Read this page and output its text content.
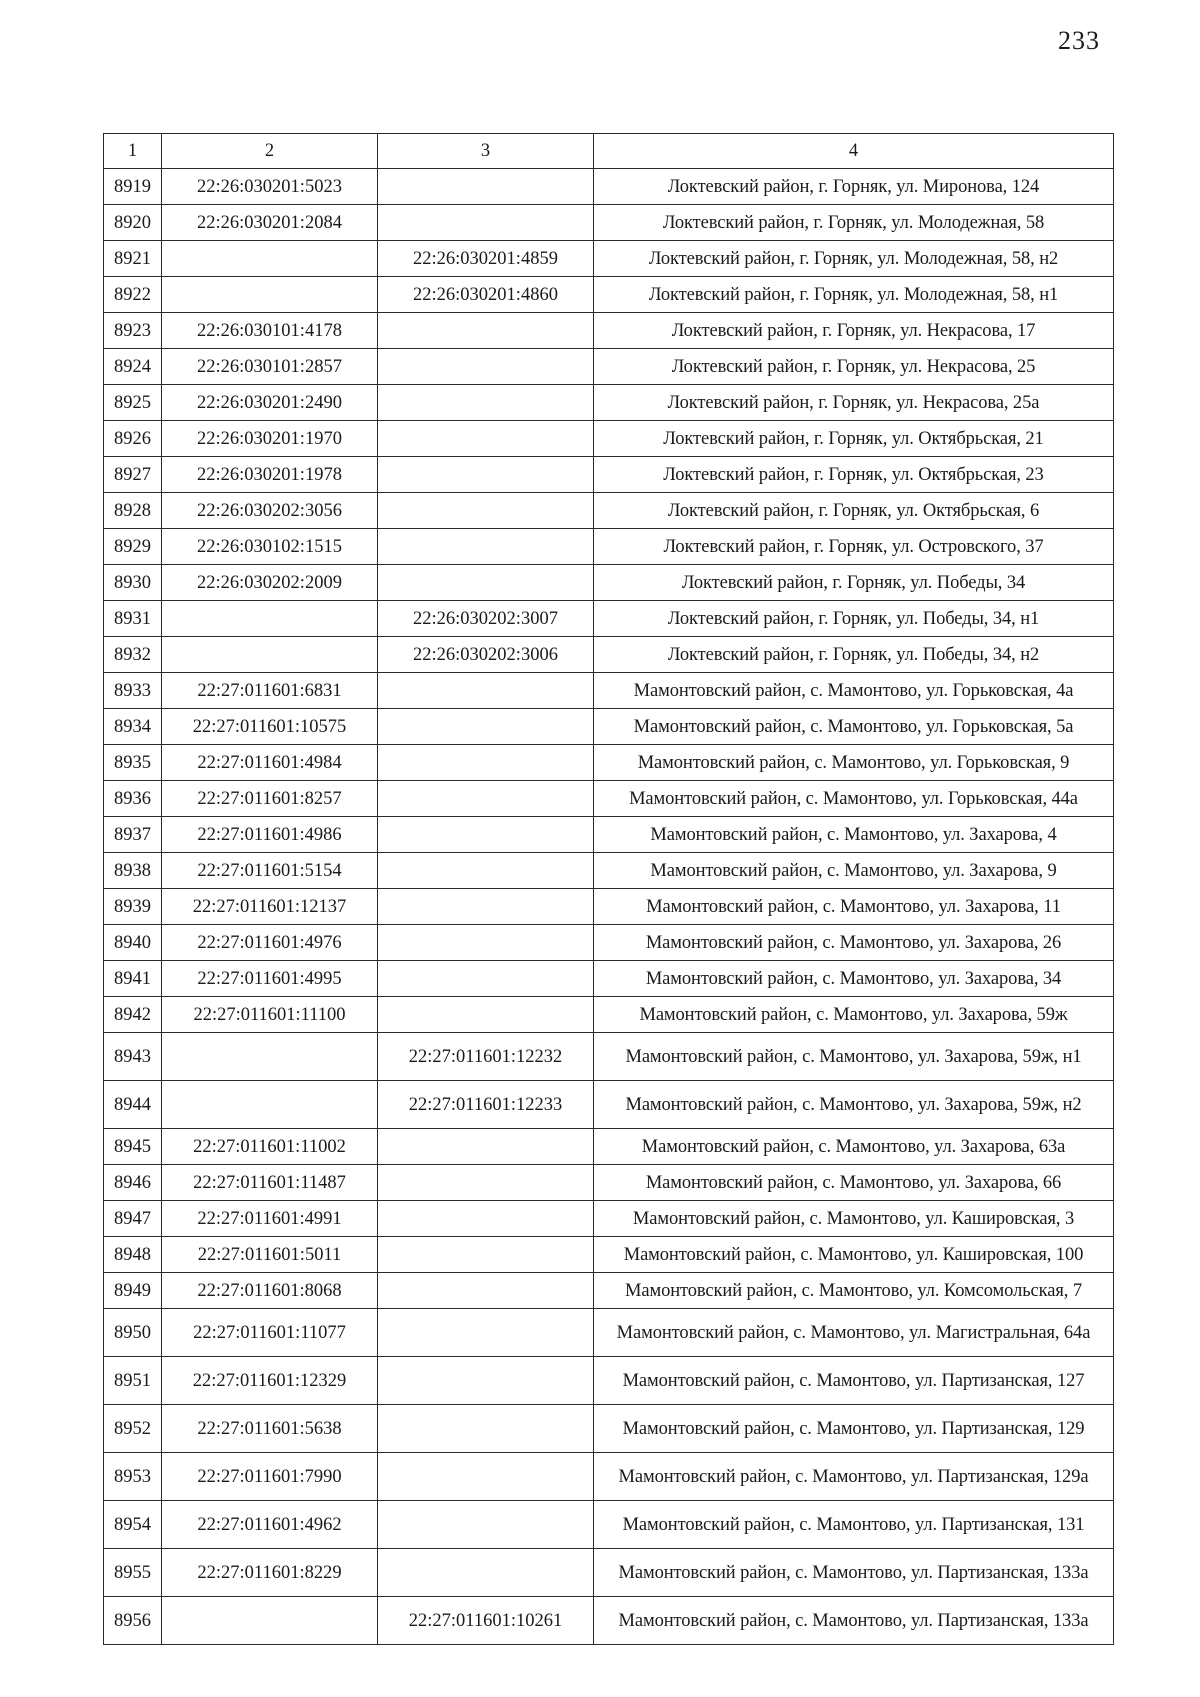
233
1	2	3	4
8919	22:26:030201:5023		Локтевский район, г. Горняк, ул. Миронова, 124
8920	22:26:030201:2084		Локтевский район, г. Горняк, ул. Молодежная, 58
8921		22:26:030201:4859	Локтевский район, г. Горняк, ул. Молодежная, 58, н2
8922		22:26:030201:4860	Локтевский район, г. Горняк, ул. Молодежная, 58, н1
8923	22:26:030101:4178		Локтевский район, г. Горняк, ул. Некрасова, 17
8924	22:26:030101:2857		Локтевский район, г. Горняк, ул. Некрасова, 25
8925	22:26:030201:2490		Локтевский район, г. Горняк, ул. Некрасова, 25а
8926	22:26:030201:1970		Локтевский район, г. Горняк, ул. Октябрьская, 21
8927	22:26:030201:1978		Локтевский район, г. Горняк, ул. Октябрьская, 23
8928	22:26:030202:3056		Локтевский район, г. Горняк, ул. Октябрьская, 6
8929	22:26:030102:1515		Локтевский район, г. Горняк, ул. Островского, 37
8930	22:26:030202:2009		Локтевский район, г. Горняк, ул. Победы, 34
8931		22:26:030202:3007	Локтевский район, г. Горняк, ул. Победы, 34, н1
8932		22:26:030202:3006	Локтевский район, г. Горняк, ул. Победы, 34, н2
8933	22:27:011601:6831		Мамонтовский район, с. Мамонтово, ул. Горьковская, 4а
8934	22:27:011601:10575		Мамонтовский район, с. Мамонтово, ул. Горьковская, 5а
8935	22:27:011601:4984		Мамонтовский район, с. Мамонтово, ул. Горьковская, 9
8936	22:27:011601:8257		Мамонтовский район, с. Мамонтово, ул. Горьковская, 44а
8937	22:27:011601:4986		Мамонтовский район, с. Мамонтово, ул. Захарова, 4
8938	22:27:011601:5154		Мамонтовский район, с. Мамонтово, ул. Захарова, 9
8939	22:27:011601:12137		Мамонтовский район, с. Мамонтово, ул. Захарова, 11
8940	22:27:011601:4976		Мамонтовский район, с. Мамонтово, ул. Захарова, 26
8941	22:27:011601:4995		Мамонтовский район, с. Мамонтово, ул. Захарова, 34
8942	22:27:011601:11100		Мамонтовский район, с. Мамонтово, ул. Захарова, 59ж
8943		22:27:011601:12232	Мамонтовский район, с. Мамонтово, ул. Захарова, 59ж, н1
8944		22:27:011601:12233	Мамонтовский район, с. Мамонтово, ул. Захарова, 59ж, н2
8945	22:27:011601:11002		Мамонтовский район, с. Мамонтово, ул. Захарова, 63а
8946	22:27:011601:11487		Мамонтовский район, с. Мамонтово, ул. Захарова, 66
8947	22:27:011601:4991		Мамонтовский район, с. Мамонтово, ул. Кашировская, 3
8948	22:27:011601:5011		Мамонтовский район, с. Мамонтово, ул. Кашировская, 100
8949	22:27:011601:8068		Мамонтовский район, с. Мамонтово, ул. Комсомольская, 7
8950	22:27:011601:11077		Мамонтовский район, с. Мамонтово, ул. Магистральная, 64а
8951	22:27:011601:12329		Мамонтовский район, с. Мамонтово, ул. Партизанская, 127
8952	22:27:011601:5638		Мамонтовский район, с. Мамонтово, ул. Партизанская, 129
8953	22:27:011601:7990		Мамонтовский район, с. Мамонтово, ул. Партизанская, 129а
8954	22:27:011601:4962		Мамонтовский район, с. Мамонтово, ул. Партизанская, 131
8955	22:27:011601:8229		Мамонтовский район, с. Мамонтово, ул. Партизанская, 133а
8956		22:27:011601:10261	Мамонтовский район, с. Мамонтово, ул. Партизанская, 133а
